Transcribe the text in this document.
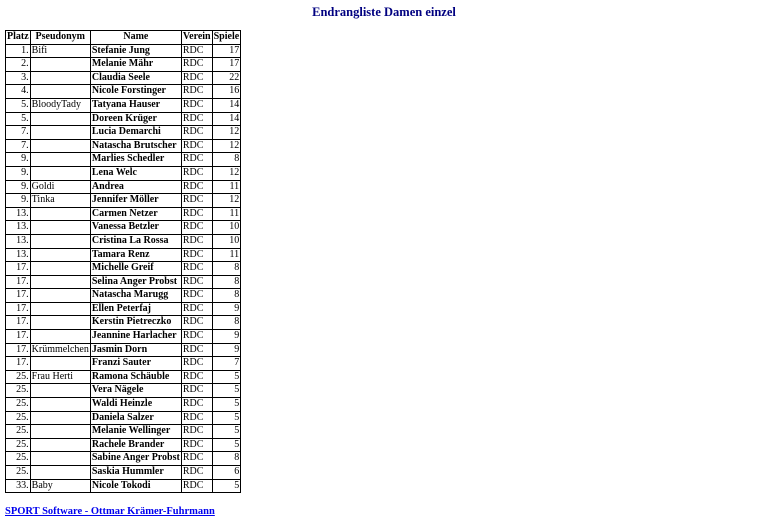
Endrangliste Damen einzel
Platz	Pseudonym	Name	Verein	Spiele
1.	Bifi	Stefanie Jung	RDC	17
2.		Melanie Mähr	RDC	17
3.		Claudia Seele	RDC	22
4.		Nicole Forstinger	RDC	16
5.	BloodyTady	Tatyana Hauser	RDC	14
5.		Doreen Krüger	RDC	14
7.		Lucia Demarchi	RDC	12
7.		Natascha Brutscher	RDC	12
9.		Marlies Schedler	RDC	8
9.		Lena Welc	RDC	12
9.	Goldi	Andrea	RDC	11
9.	Tinka	Jennifer Möller	RDC	12
13.		Carmen Netzer	RDC	11
13.		Vanessa Betzler	RDC	10
13.		Cristina La Rossa	RDC	10
13.		Tamara Renz	RDC	11
17.		Michelle Greif	RDC	8
17.		Selina Anger Probst	RDC	8
17.		Natascha Marugg	RDC	8
17.		Ellen Peterfaj	RDC	9
17.		Kerstin Pietreczko	RDC	8
17.		Jeannine Harlacher	RDC	9
17.	Krümmelchen	Jasmin Dorn	RDC	9
17.		Franzi Sauter	RDC	7
25.	Frau Herti	Ramona Schäuble	RDC	5
25.		Vera Nägele	RDC	5
25.		Waldi Heinzle	RDC	5
25.		Daniela Salzer	RDC	5
25.		Melanie Wellinger	RDC	5
25.		Rachele Brander	RDC	5
25.		Sabine Anger Probst	RDC	8
25.		Saskia Hummler	RDC	6
33.	Baby	Nicole Tokodi	RDC	5
SPORT Software - Ottmar Krämer-Fuhrmann
